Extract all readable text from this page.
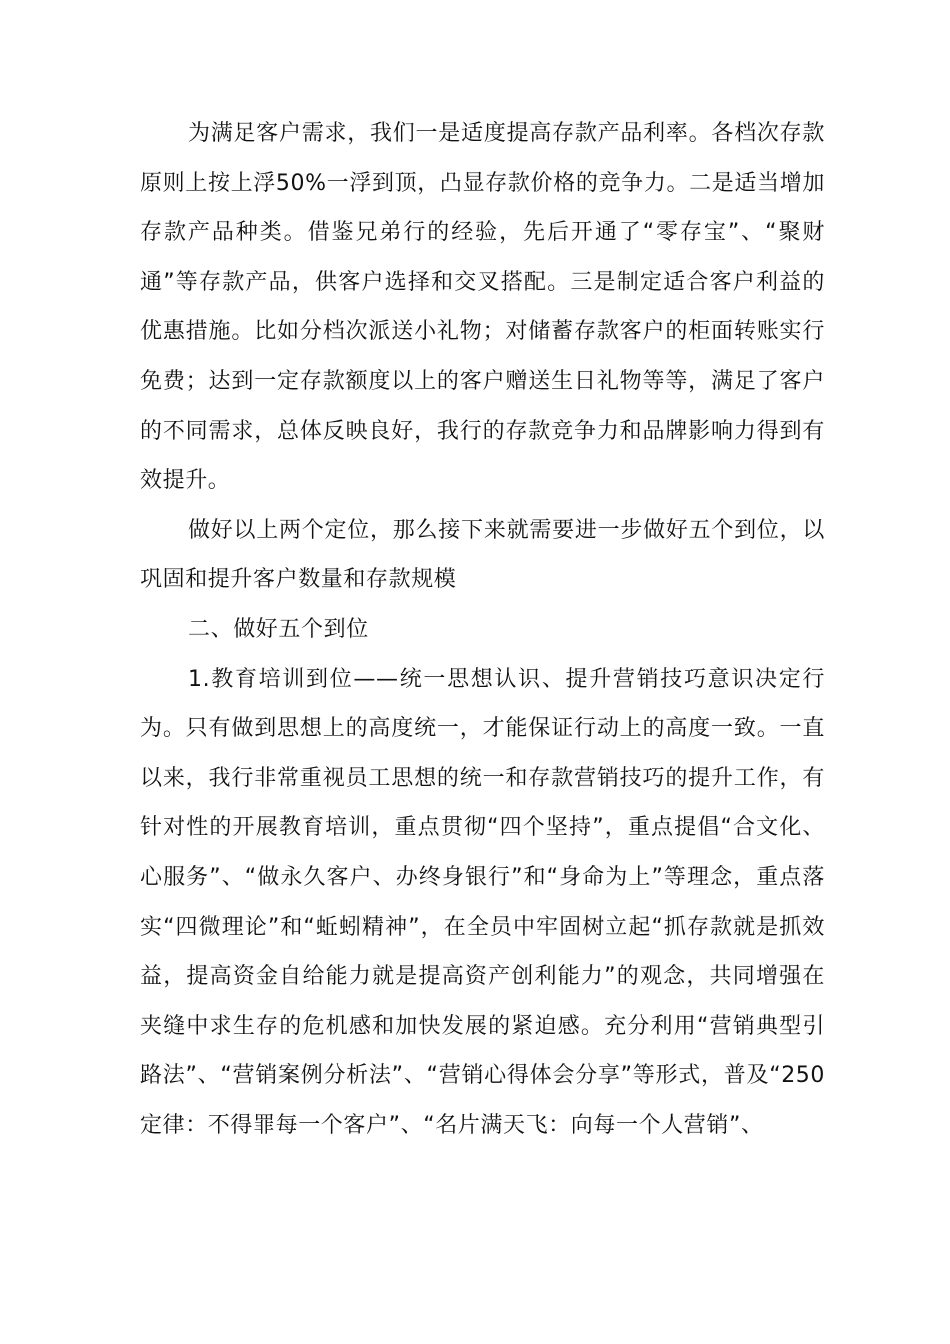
为满足客户需求，我们一是适度提高存款产品利率。各档次存款原则上按上浮50%一浮到顶，凸显存款价格的竞争力。二是适当增加存款产品种类。借鉴兄弟行的经验，先后开通了“零存宝”、“聚财通”等存款产品，供客户选择和交叉搭配。三是制定适合客户利益的优惠措施。比如分档次派送小礼物；对储蓄存款客户的柜面转账实行免费；达到一定存款额度以上的客户赠送生日礼物等等，满足了客户的不同需求，总体反映良好，我行的存款竞争力和品牌影响力得到有效提升。

做好以上两个定位，那么接下来就需要进一步做好五个到位，以巩固和提升客户数量和存款规模

二、做好五个到位

1.教育培训到位——统一思想认识、提升营销技巧意识决定行为。只有做到思想上的高度统一，才能保证行动上的高度一致。一直以来，我行非常重视员工思想的统一和存款营销技巧的提升工作，有针对性的开展教育培训，重点贯彻“四个坚持”，重点提倡“合文化、心服务”、“做永久客户、办终身银行”和“身命为上”等理念，重点落实“四微理论”和“蚯蚓精神”，在全员中牢固树立起“抓存款就是抓效益，提高资金自给能力就是提高资产创利能力”的观念，共同增强在夹缝中求生存的危机感和加快发展的紧迫感。充分利用“营销典型引路法”、“营销案例分析法”、“营销心得体会分享”等形式，普及“250定律：不得罪每一个客户”、“名片满天飞：向每一个人营销”、
